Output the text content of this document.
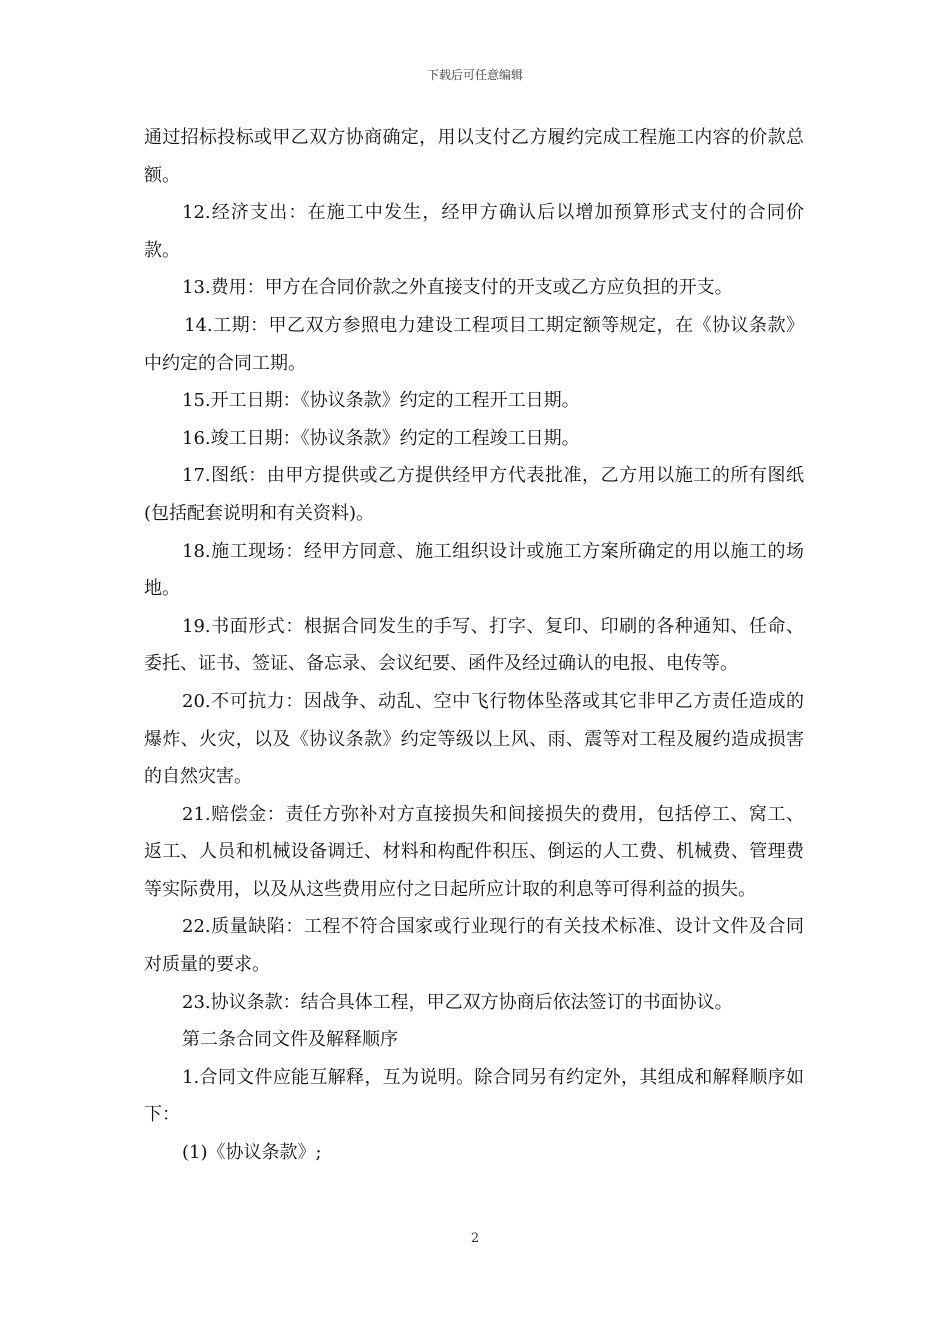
下载后可任意编辑

通过招标投标或甲乙双方协商确定，用以支付乙方履约完成工程施工内容的价款总额。

12.经济支出：在施工中发生，经甲方确认后以增加预算形式支付的合同价款。

13.费用：甲方在合同价款之外直接支付的开支或乙方应负担的开支。

14.工期：甲乙双方参照电力建设工程项目工期定额等规定，在《协议条款》中约定的合同工期。

15.开工日期：《协议条款》约定的工程开工日期。

16.竣工日期：《协议条款》约定的工程竣工日期。

17.图纸：由甲方提供或乙方提供经甲方代表批准，乙方用以施工的所有图纸(包括配套说明和有关资料)。

18.施工现场：经甲方同意、施工组织设计或施工方案所确定的用以施工的场地。

19.书面形式：根据合同发生的手写、打字、复印、印刷的各种通知、任命、委托、证书、签证、备忘录、会议纪要、函件及经过确认的电报、电传等。

20.不可抗力：因战争、动乱、空中飞行物体坠落或其它非甲乙方责任造成的爆炸、火灾，以及《协议条款》约定等级以上风、雨、震等对工程及履约造成损害的自然灾害。

21.赔偿金：责任方弥补对方直接损失和间接损失的费用，包括停工、窝工、返工、人员和机械设备调迁、材料和构配件积压、倒运的人工费、机械费、管理费等实际费用，以及从这些费用应付之日起所应计取的利息等可得利益的损失。

22.质量缺陷：工程不符合国家或行业现行的有关技术标准、设计文件及合同对质量的要求。

23.协议条款：结合具体工程，甲乙双方协商后依法签订的书面协议。

第二条合同文件及解释顺序

1.合同文件应能互解释，互为说明。除合同另有约定外，其组成和解释顺序如下：

(1)《协议条款》;

2
